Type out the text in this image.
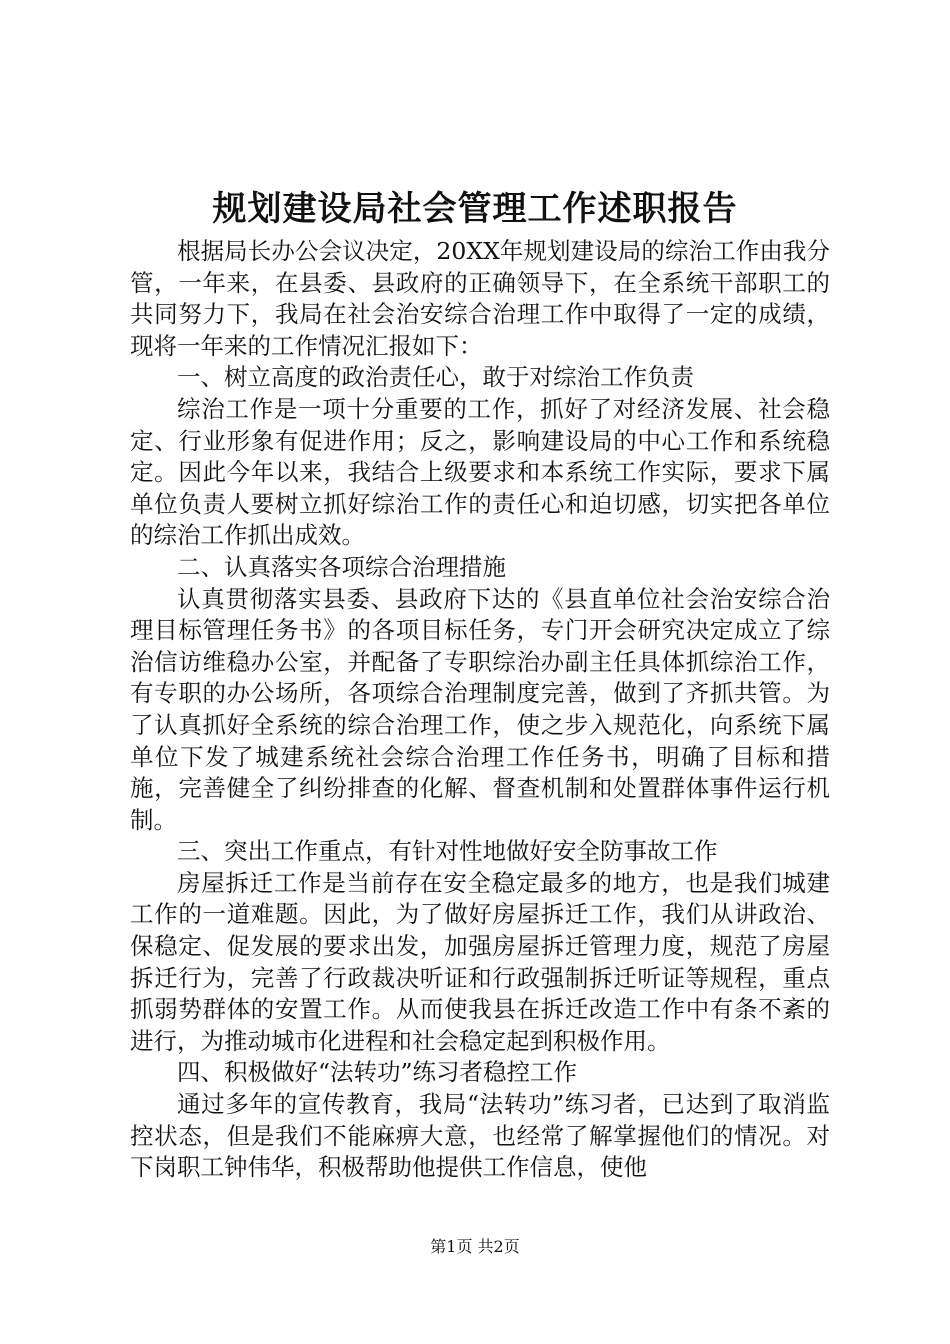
规划建设局社会管理工作述职报告

根据局长办公会议决定，20XX年规划建设局的综治工作由我分管，一年来，在县委、县政府的正确领导下，在全系统干部职工的共同努力下，我局在社会治安综合治理工作中取得了一定的成绩，现将一年来的工作情况汇报如下：

一、树立高度的政治责任心，敢于对综治工作负责

综治工作是一项十分重要的工作，抓好了对经济发展、社会稳定、行业形象有促进作用；反之，影响建设局的中心工作和系统稳定。因此今年以来，我结合上级要求和本系统工作实际，要求下属单位负责人要树立抓好综治工作的责任心和迫切感，切实把各单位的综治工作抓出成效。

二、认真落实各项综合治理措施

认真贯彻落实县委、县政府下达的《县直单位社会治安综合治理目标管理任务书》的各项目标任务，专门开会研究决定成立了综治信访维稳办公室，并配备了专职综治办副主任具体抓综治工作，有专职的办公场所，各项综合治理制度完善，做到了齐抓共管。为了认真抓好全系统的综合治理工作，使之步入规范化，向系统下属单位下发了城建系统社会综合治理工作任务书，明确了目标和措施，完善健全了纠纷排查的化解、督查机制和处置群体事件运行机制。

三、突出工作重点，有针对性地做好安全防事故工作

房屋拆迁工作是当前存在安全稳定最多的地方，也是我们城建工作的一道难题。因此，为了做好房屋拆迁工作，我们从讲政治、保稳定、促发展的要求出发，加强房屋拆迁管理力度，规范了房屋拆迁行为，完善了行政裁决听证和行政强制拆迁听证等规程，重点抓弱势群体的安置工作。从而使我县在拆迁改造工作中有条不紊的进行，为推动城市化进程和社会稳定起到积极作用。

四、积极做好“法转功”练习者稳控工作

通过多年的宣传教育，我局“法转功”练习者，已达到了取消监控状态，但是我们不能麻痹大意，也经常了解掌握他们的情况。对下岗职工钟伟华，积极帮助他提供工作信息，使他

第1页 共2页
